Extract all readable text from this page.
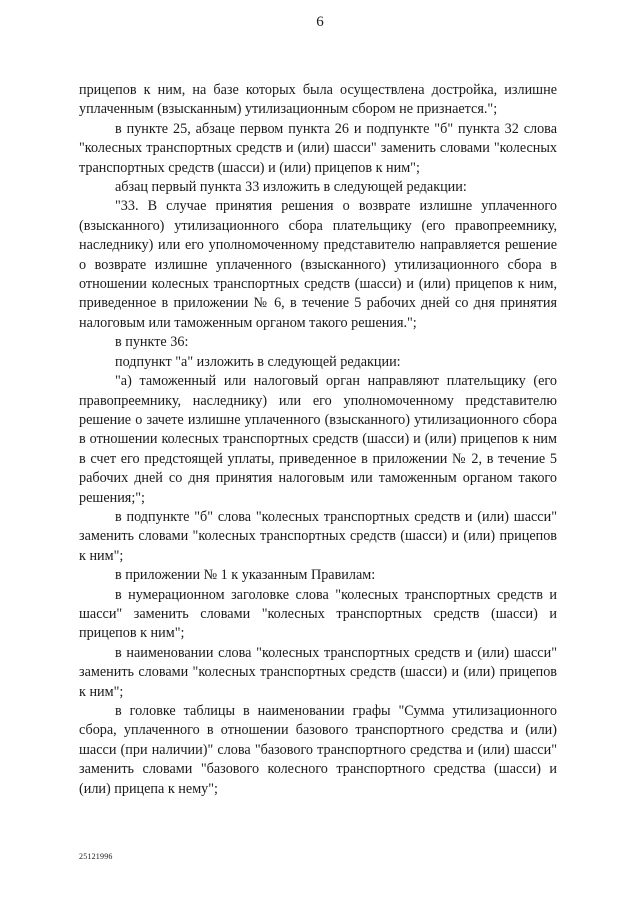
6

прицепов к ним, на базе которых была осуществлена достройка, излишне уплаченным (взысканным) утилизационным сбором не признается.";

в пункте 25, абзаце первом пункта 26 и подпункте "б" пункта 32 слова "колесных транспортных средств и (или) шасси" заменить словами "колесных транспортных средств (шасси) и (или) прицепов к ним";

абзац первый пункта 33 изложить в следующей редакции:

"33. В случае принятия решения о возврате излишне уплаченного (взысканного) утилизационного сбора плательщику (его правопреемнику, наследнику) или его уполномоченному представителю направляется решение о возврате излишне уплаченного (взысканного) утилизационного сбора в отношении колесных транспортных средств (шасси) и (или) прицепов к ним, приведенное в приложении № 6, в течение 5 рабочих дней со дня принятия налоговым или таможенным органом такого решения.";

в пункте 36:

подпункт "а" изложить в следующей редакции:

"а) таможенный или налоговый орган направляют плательщику (его правопреемнику, наследнику) или его уполномоченному представителю решение о зачете излишне уплаченного (взысканного) утилизационного сбора в отношении колесных транспортных средств (шасси) и (или) прицепов к ним в счет его предстоящей уплаты, приведенное в приложении № 2, в течение 5 рабочих дней со дня принятия налоговым или таможенным органом такого решения;";

в подпункте "б" слова "колесных транспортных средств и (или) шасси" заменить словами "колесных транспортных средств (шасси) и (или) прицепов к ним";

в приложении № 1 к указанным Правилам:

в нумерационном заголовке слова "колесных транспортных средств и шасси" заменить словами "колесных транспортных средств (шасси) и прицепов к ним";

в наименовании слова "колесных транспортных средств и (или) шасси" заменить словами "колесных транспортных средств (шасси) и (или) прицепов к ним";

в головке таблицы в наименовании графы "Сумма утилизационного сбора, уплаченного в отношении базового транспортного средства и (или) шасси (при наличии)" слова "базового транспортного средства и (или) шасси" заменить словами "базового колесного транспортного средства (шасси) и (или) прицепа к нему";

25121996
